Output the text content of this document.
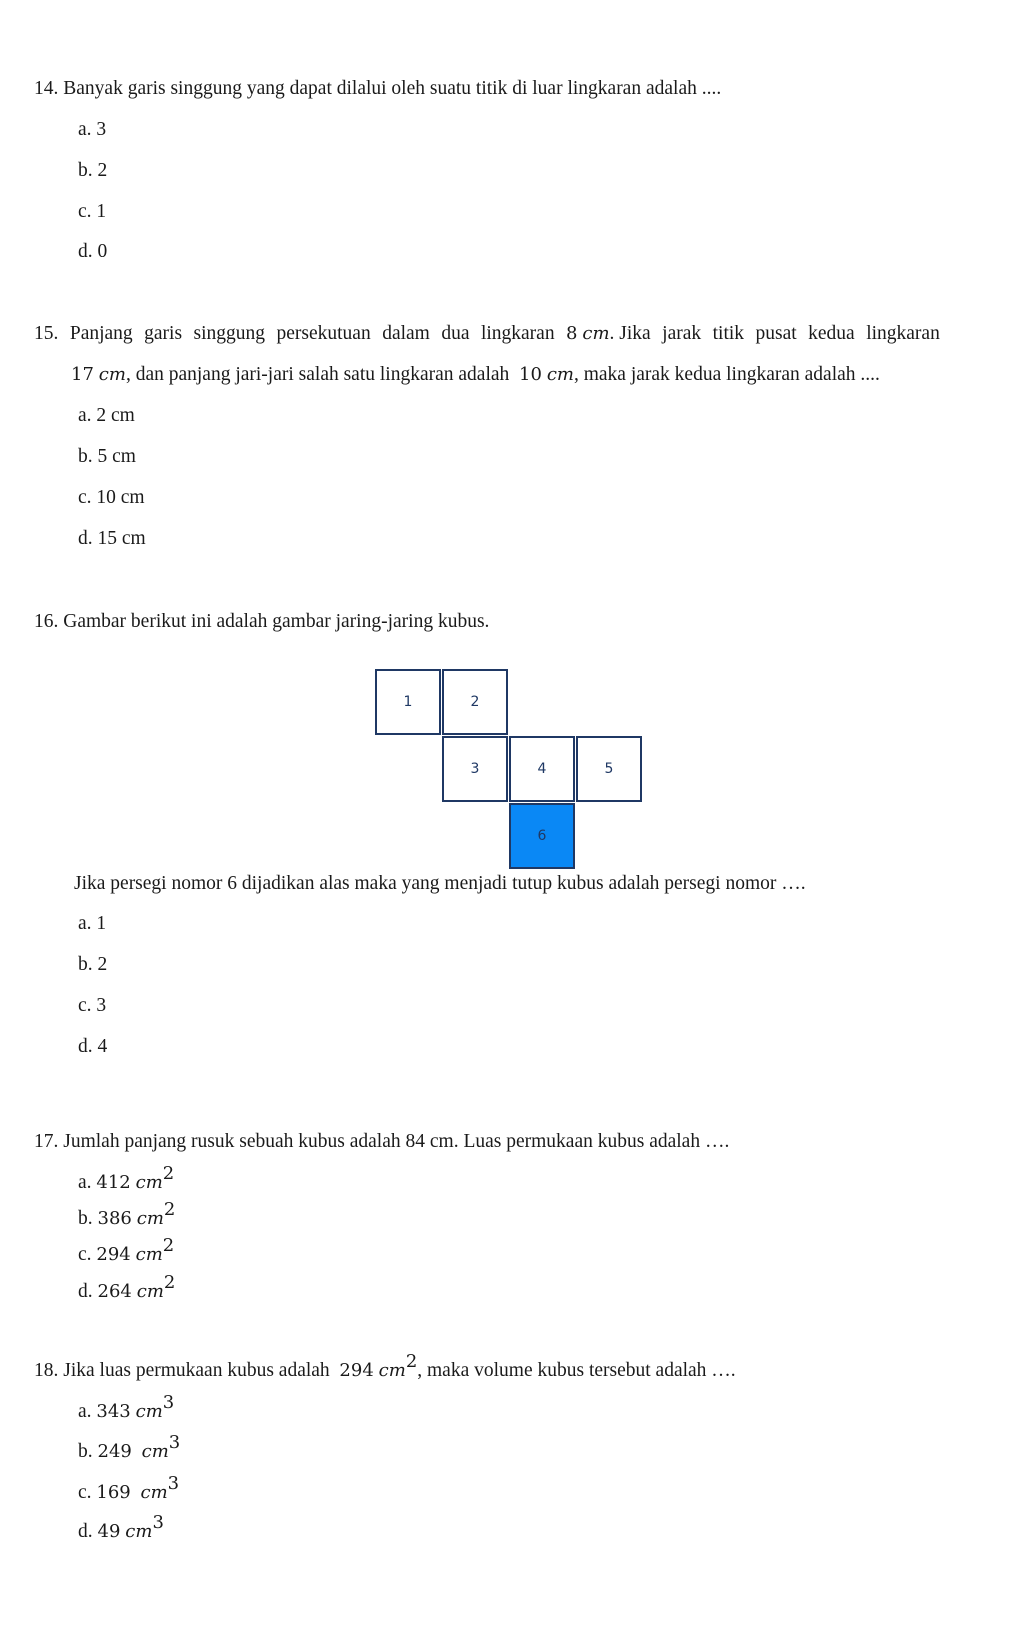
14. Banyak garis singgung yang dapat dilalui oleh suatu titik di luar lingkaran adalah ....
a. 3
b. 2
c. 1
d. 0
15. Panjang garis singgung persekutuan dalam dua lingkaran 8 cm. Jika jarak titik pusat kedua lingkaran
17 cm, dan panjang jari-jari salah satu lingkaran adalah 10 cm, maka jarak kedua lingkaran adalah ....
a. 2 cm
b. 5 cm
c. 10 cm
d. 15 cm
16. Gambar berikut ini adalah gambar jaring-jaring kubus.
1	2
3	4	5
6
Jika persegi nomor 6 dijadikan alas maka yang menjadi tutup kubus adalah persegi nomor ….
a. 1
b. 2
c. 3
d. 4
17. Jumlah panjang rusuk sebuah kubus adalah 84 cm. Luas permukaan kubus adalah ….
a. 412 $cm^2$
b. 386 $cm^2$
c. 294 $cm^2$
d. 264 $cm^2$
18. Jika luas permukaan kubus adalah 294 $cm^2$, maka volume kubus tersebut adalah ….
a. 343 $cm^3$
b. 249 $cm^3$
c. 169 $cm^3$
d. 49 $cm^3$
